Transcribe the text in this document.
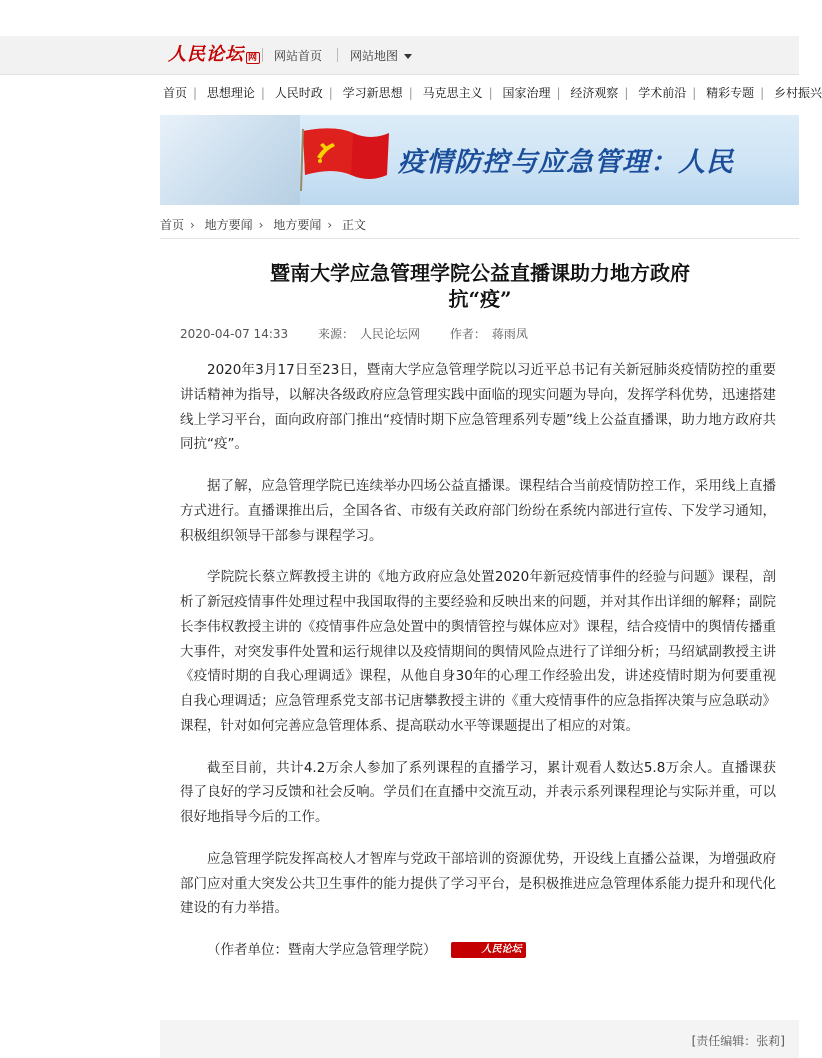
人民论坛 网 网站首页 网站地图
首页 | 思想理论 | 人民时政 | 学习新思想 | 马克思主义 | 国家治理 | 经济观察 | 学术前沿 | 精彩专题 | 乡村振兴
疫情防控与应急管理：人民
首页 › 地方要闻 › 地方要闻 › 正文
暨南大学应急管理学院公益直播课助力地方政府
抗“疫”
2020-04-07 14:33 来源： 人民论坛网 作者： 蒋雨凤

2020年3月17日至23日，暨南大学应急管理学院以习近平总书记有关新冠肺炎疫情防控的重要讲话精神为指导，以解决各级政府应急管理实践中面临的现实问题为导向，发挥学科优势，迅速搭建线上学习平台，面向政府部门推出“疫情时期下应急管理系列专题”线上公益直播课，助力地方政府共同抗“疫”。

据了解，应急管理学院已连续举办四场公益直播课。课程结合当前疫情防控工作，采用线上直播方式进行。直播课推出后，全国各省、市级有关政府部门纷纷在系统内部进行宣传、下发学习通知，积极组织领导干部参与课程学习。

学院院长蔡立辉教授主讲的《地方政府应急处置2020年新冠疫情事件的经验与问题》课程，剖析了新冠疫情事件处理过程中我国取得的主要经验和反映出来的问题，并对其作出详细的解释；副院长李伟权教授主讲的《疫情事件应急处置中的舆情管控与媒体应对》课程，结合疫情中的舆情传播重大事件，对突发事件处置和运行规律以及疫情期间的舆情风险点进行了详细分析；马绍斌副教授主讲《疫情时期的自我心理调适》课程，从他自身30年的心理工作经验出发，讲述疫情时期为何要重视自我心理调适；应急管理系党支部书记唐攀教授主讲的《重大疫情事件的应急指挥决策与应急联动》课程，针对如何完善应急管理体系、提高联动水平等课题提出了相应的对策。

截至目前，共计4.2万余人参加了系列课程的直播学习，累计观看人数达5.8万余人。直播课获得了良好的学习反馈和社会反响。学员们在直播中交流互动，并表示系列课程理论与实际并重，可以很好地指导今后的工作。

应急管理学院发挥高校人才智库与党政干部培训的资源优势，开设线上直播公益课，为增强政府部门应对重大突发公共卫生事件的能力提供了学习平台，是积极推进应急管理体系能力提升和现代化建设的有力举措。

（作者单位：暨南大学应急管理学院）	人民论坛

[责任编辑：张莉]
